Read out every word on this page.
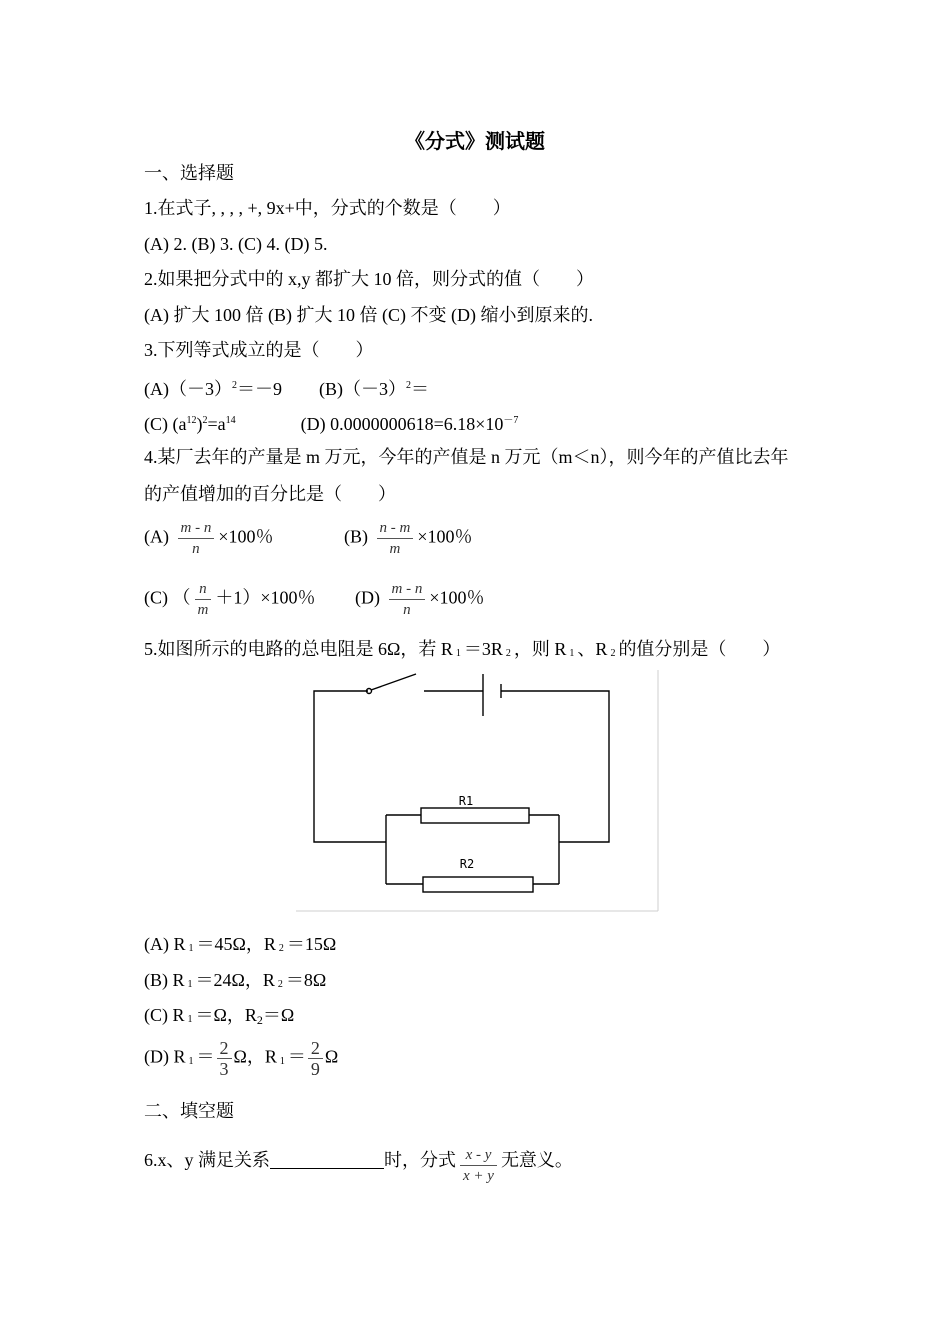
《分式》测试题
一、选择题
1.在式子, , , , +, 9x+中，分式的个数是（　　）
(A) 2. (B) 3. (C) 4. (D) 5.
2.如果把分式中的 x,y 都扩大 10 倍，则分式的值（　　）
(A) 扩大 100 倍 (B) 扩大 10 倍 (C) 不变 (D) 缩小到原来的.
3.下列等式成立的是（　　）
$(A)(-3)^2=-9$ $(B)(-3)^2=$
(C) $(a^{12})^2=a^{14}$	(D) $0.0000000618=6.18\times 10^{-7}$
4.某厂去年的产量是 m 万元，今年的产值是 n 万元（m＜n），则今年的产值比去年
的产值增加的百分比是（　　）
$(A) \frac{m - n}{n} \times 100$％	$(B) \frac{n - m}{m} \times 100$％
(C) （ $\frac{n}{m} +1)\times 100$％ $(D) \frac{m - n}{n} \times 100$％
5.如图所示的电路的总电阻是 6Ω，若 R 1 ＝3R 2 ，则 R 1 、R 2 的值分别是（　　）
R1
R2
(A) R 1 ＝45Ω，R 2 ＝15Ω
(B) R 1 ＝24Ω，R 2 ＝8Ω
(C) R 1 ＝Ω，R2＝Ω
(D) R $1 = \frac{2}{3}$ Ω，R $1 = \frac{2}{9}$ Ω
二、填空题
6.x、y 满足关系	时，分式 $\frac{x - y}{x + y}$ 无意义。
